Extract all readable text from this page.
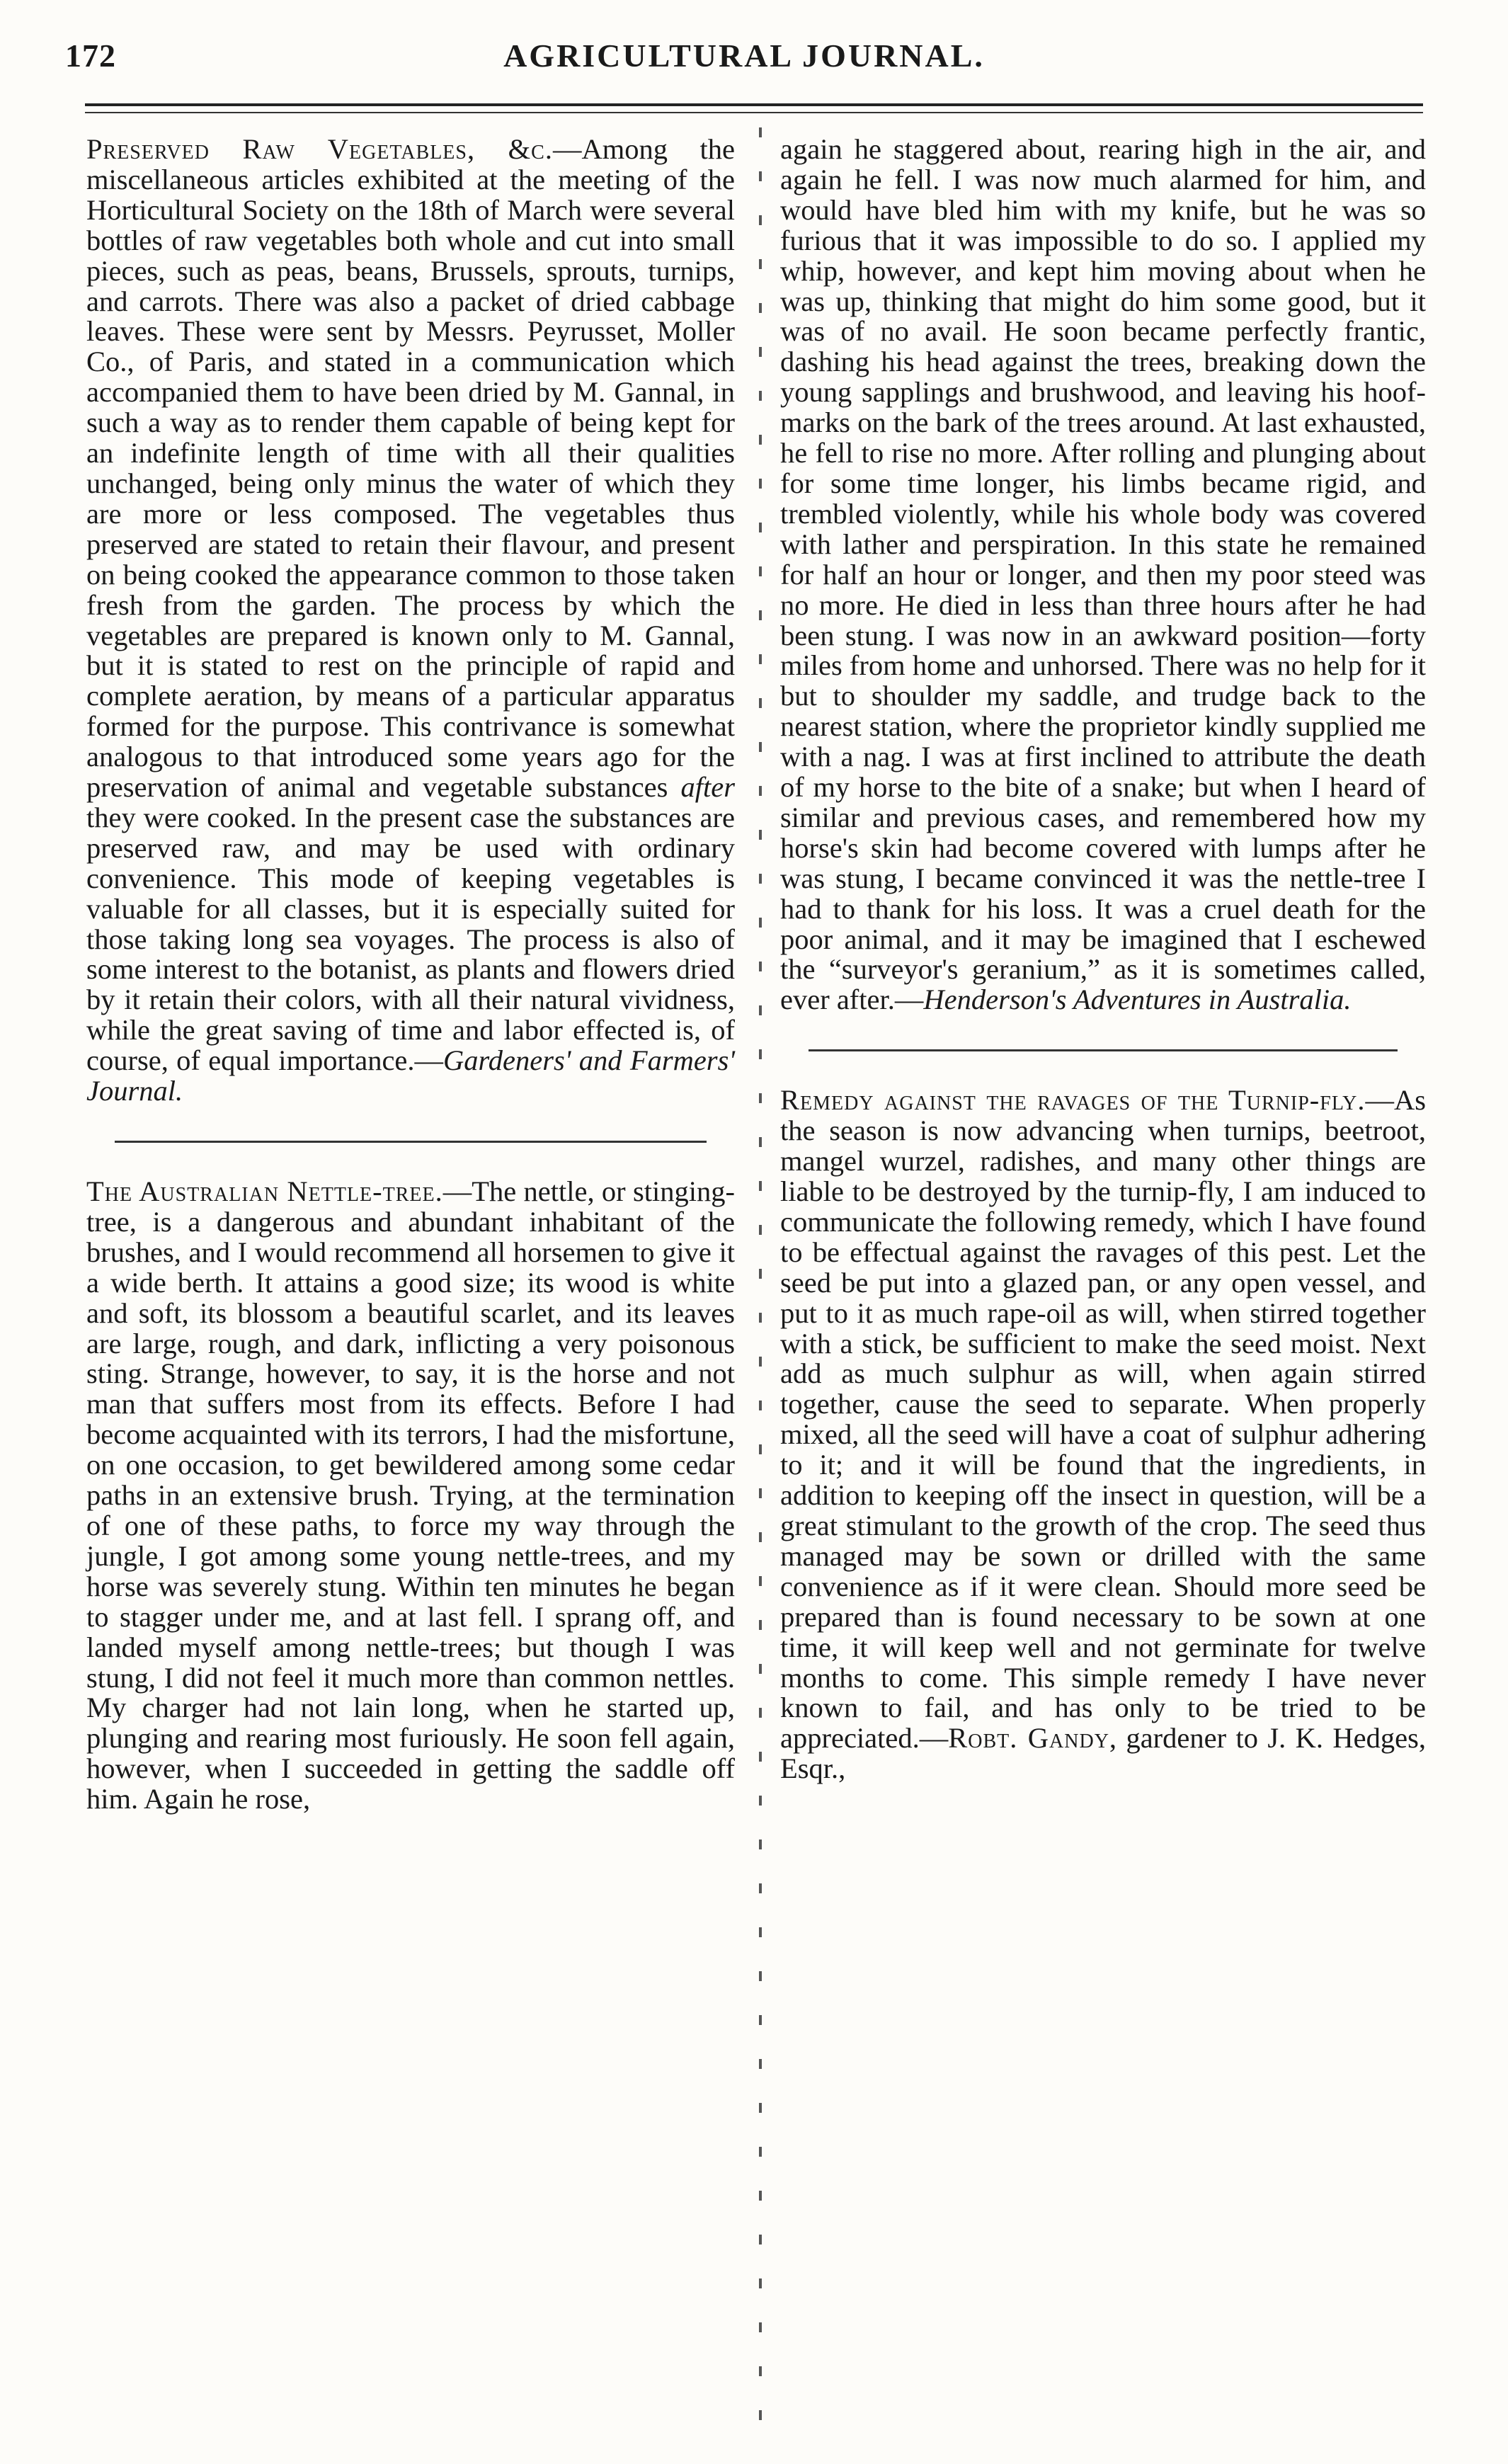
172	AGRICULTURAL JOURNAL.

Preserved Raw Vegetables, &c.—Among the miscellaneous articles exhibited at the meeting of the Horticultural Society on the 18th of March were several bottles of raw vegetables both whole and cut into small pieces, such as peas, beans, Brussels, sprouts, turnips, and carrots. There was also a packet of dried cabbage leaves. These were sent by Messrs. Peyrusset, Moller Co., of Paris, and stated in a communication which accompanied them to have been dried by M. Gannal, in such a way as to render them capable of being kept for an indefinite length of time with all their qualities unchanged, being only minus the water of which they are more or less composed. The vegetables thus preserved are stated to retain their flavour, and present on being cooked the appearance common to those taken fresh from the garden. The process by which the vegetables are prepared is known only to M. Gannal, but it is stated to rest on the principle of rapid and complete aeration, by means of a particular apparatus formed for the purpose. This contrivance is somewhat analogous to that introduced some years ago for the preservation of animal and vegetable substances after they were cooked. In the present case the substances are preserved raw, and may be used with ordinary convenience. This mode of keeping vegetables is valuable for all classes, but it is especially suited for those taking long sea voyages. The process is also of some interest to the botanist, as plants and flowers dried by it retain their colors, with all their natural vividness, while the great saving of time and labor effected is, of course, of equal importance.—Gardeners' and Farmers' Journal.

The Australian Nettle-tree.—The nettle, or stinging-tree, is a dangerous and abundant inhabitant of the brushes, and I would recommend all horsemen to give it a wide berth. It attains a good size; its wood is white and soft, its blossom a beautiful scarlet, and its leaves are large, rough, and dark, inflicting a very poisonous sting. Strange, however, to say, it is the horse and not man that suffers most from its effects. Before I had become acquainted with its terrors, I had the misfortune, on one occasion, to get bewildered among some cedar paths in an extensive brush. Trying, at the termination of one of these paths, to force my way through the jungle, I got among some young nettle-trees, and my horse was severely stung. Within ten minutes he began to stagger under me, and at last fell. I sprang off, and landed myself among nettle-trees; but though I was stung, I did not feel it much more than common nettles. My charger had not lain long, when he started up, plunging and rearing most furiously. He soon fell again, however, when I succeeded in getting the saddle off him. Again he rose,

again he staggered about, rearing high in the air, and again he fell. I was now much alarmed for him, and would have bled him with my knife, but he was so furious that it was impossible to do so. I applied my whip, however, and kept him moving about when he was up, thinking that might do him some good, but it was of no avail. He soon became perfectly frantic, dashing his head against the trees, breaking down the young sapplings and brushwood, and leaving his hoof-marks on the bark of the trees around. At last exhausted, he fell to rise no more. After rolling and plunging about for some time longer, his limbs became rigid, and trembled violently, while his whole body was covered with lather and perspiration. In this state he remained for half an hour or longer, and then my poor steed was no more. He died in less than three hours after he had been stung. I was now in an awkward position—forty miles from home and unhorsed. There was no help for it but to shoulder my saddle, and trudge back to the nearest station, where the proprietor kindly supplied me with a nag. I was at first inclined to attribute the death of my horse to the bite of a snake; but when I heard of similar and previous cases, and remembered how my horse's skin had become covered with lumps after he was stung, I became convinced it was the nettle-tree I had to thank for his loss. It was a cruel death for the poor animal, and it may be imagined that I eschewed the “surveyor's geranium,” as it is sometimes called, ever after.—Henderson's Adventures in Australia.

Remedy against the ravages of the Turnip-fly.—As the season is now advancing when turnips, beetroot, mangel wurzel, radishes, and many other things are liable to be destroyed by the turnip-fly, I am induced to communicate the following remedy, which I have found to be effectual against the ravages of this pest. Let the seed be put into a glazed pan, or any open vessel, and put to it as much rape-oil as will, when stirred together with a stick, be sufficient to make the seed moist. Next add as much sulphur as will, when again stirred together, cause the seed to separate. When properly mixed, all the seed will have a coat of sulphur adhering to it; and it will be found that the ingredients, in addition to keeping off the insect in question, will be a great stimulant to the growth of the crop. The seed thus managed may be sown or drilled with the same convenience as if it were clean. Should more seed be prepared than is found necessary to be sown at one time, it will keep well and not germinate for twelve months to come. This simple remedy I have never known to fail, and has only to be tried to be appreciated.—Robt. Gandy, gardener to J. K. Hedges, Esqr.,
